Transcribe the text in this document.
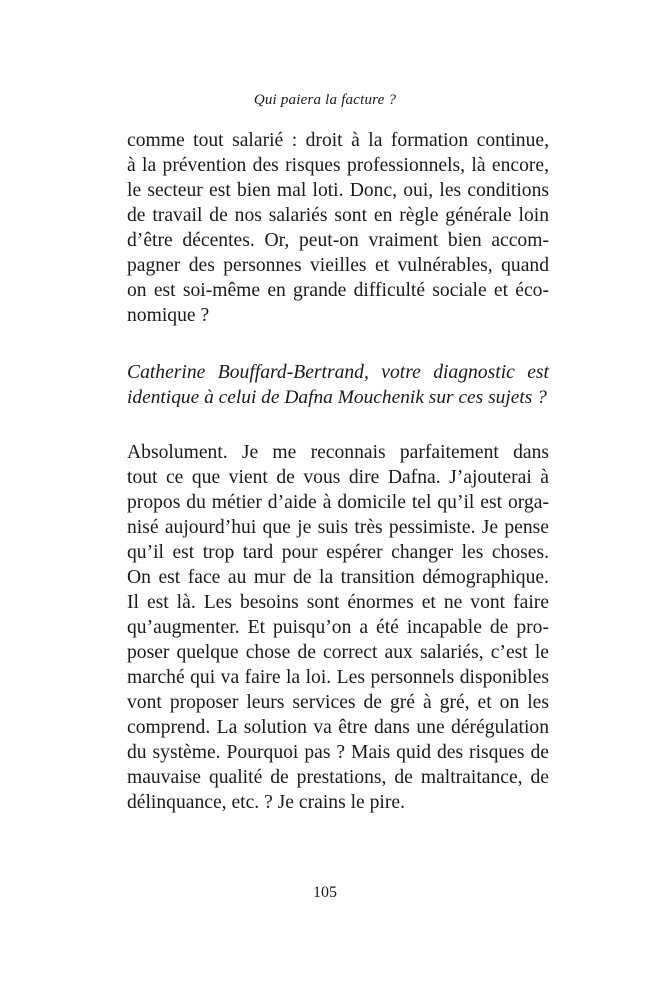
Qui paiera la facture ?
comme tout salarié : droit à la formation continue,
à la prévention des risques professionnels, là encore,
le secteur est bien mal loti. Donc, oui, les conditions
de travail de nos salariés sont en règle générale loin
d’être décentes. Or, peut-on vraiment bien accom-
pagner des personnes vieilles et vulnérables, quand
on est soi-même en grande difficulté sociale et éco-
nomique ?
Catherine Bouffard-Bertrand, votre diagnostic est
identique à celui de Dafna Mouchenik sur ces sujets ?
Absolument. Je me reconnais parfaitement dans
tout ce que vient de vous dire Dafna. J’ajouterai à
propos du métier d’aide à domicile tel qu’il est orga-
nisé aujourd’hui que je suis très pessimiste. Je pense
qu’il est trop tard pour espérer changer les choses.
On est face au mur de la transition démographique.
Il est là. Les besoins sont énormes et ne vont faire
qu’augmenter. Et puisqu’on a été incapable de pro-
poser quelque chose de correct aux salariés, c’est le
marché qui va faire la loi. Les personnels disponibles
vont proposer leurs services de gré à gré, et on les
comprend. La solution va être dans une dérégulation
du système. Pourquoi pas ? Mais quid des risques de
mauvaise qualité de prestations, de maltraitance, de
délinquance, etc. ? Je crains le pire.
105
